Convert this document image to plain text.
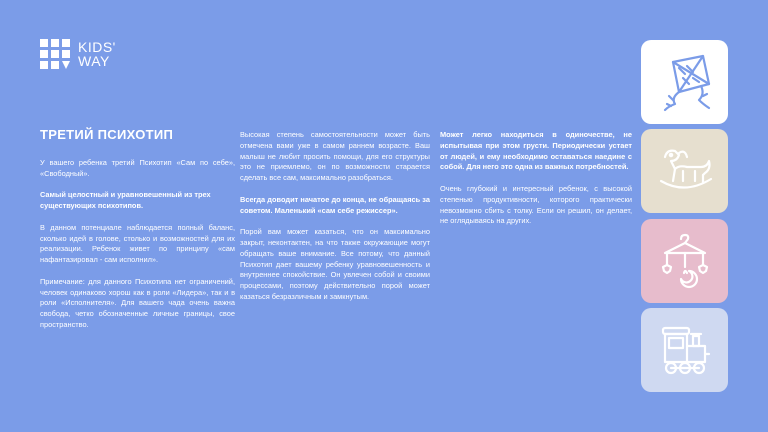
KIDS'
WAY
ТРЕТИЙ ПСИХОТИП

У вашего ребенка третий Психотип «Сам по себе», «Свободный».

Самый целостный и уравновешенный из трех существующих психотипов.

В данном потенциале наблюдается полный баланс, сколько идей в голове, столько и возможностей для их реализации. Ребенок живет по принципу «сам нафантазировал - сам исполнил».

Примечание: для данного Психотипа нет ограничений, человек одинаково хорош как в роли «Лидера», так и в роли «Исполнителя». Для вашего чада очень важна свобода, четко обозначенные личные границы, свое пространство.

Высокая степень самостоятельности может быть отмечена вами уже в самом раннем возрасте. Ваш малыш не любит просить помощи, для его структуры это не приемлемо, он по возможности старается сделать все сам, максимально разобраться.

Всегда доводит начатое до конца, не обращаясь за советом. Маленький «сам себе режиссер».

Порой вам может казаться, что он максимально закрыт, неконтактен, на что также окружающие могут обращать ваше внимание. Все потому, что данный Психотип дает вашему ребенку уравновешенность и внутреннее спокойствие. Он увлечен собой и своими процессами, поэтому действительно порой может казаться безразличным и замкнутым.

Может легко находиться в одиночестве, не испытывая при этом грусти. Периодически устает от людей, и ему необходимо оставаться наедине с собой. Для него это одна из важных потребностей.

Очень глубокий и интересный ребенок, с высокой степенью продуктивности, которого практически невозможно сбить с толку. Если он решил, он делает, не оглядываясь на других.
